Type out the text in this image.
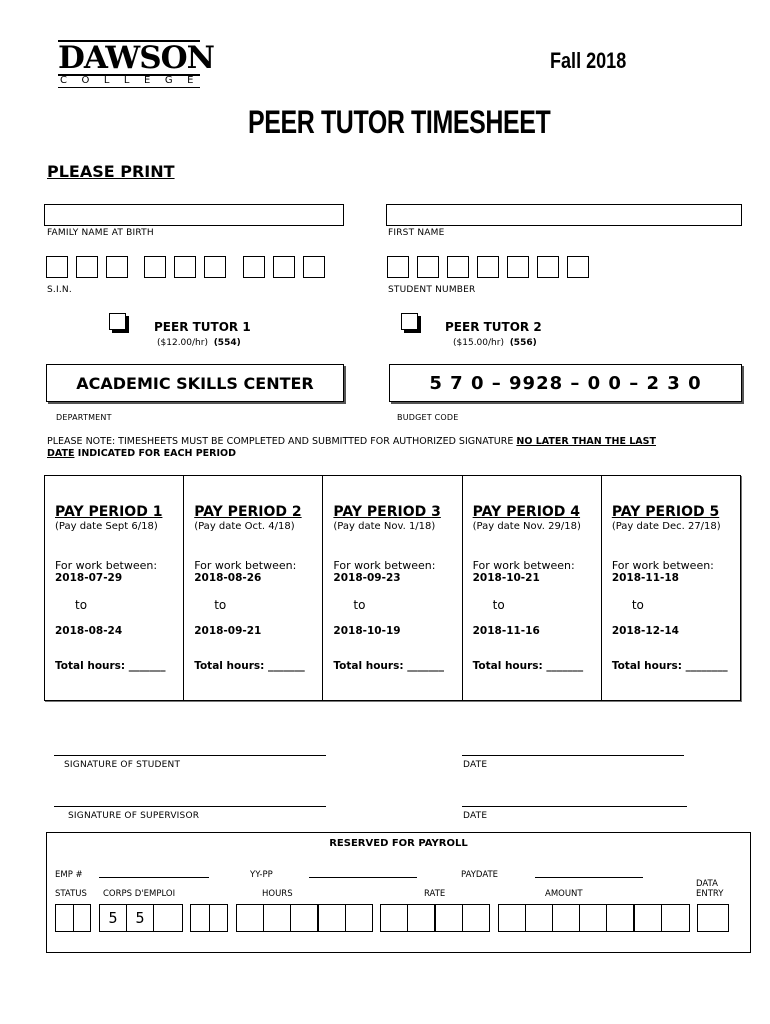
DAWSON
COLLEGE
Fall 2018
PEER TUTOR TIMESHEET
PLEASE PRINT
FAMILY NAME AT BIRTH	FIRST NAME
S.I.N.	STUDENT NUMBER
PEER TUTOR 1
($12.00/hr) (554)
PEER TUTOR 2
($15.00/hr) (556)
ACADEMIC SKILLS CENTER
DEPARTMENT
5 7 0 – 9928 – 0 0 – 2 3 0
BUDGET CODE
PLEASE NOTE: TIMESHEETS MUST BE COMPLETED AND SUBMITTED FOR AUTHORIZED SIGNATURE NO LATER THAN THE LAST
DATE INDICATED FOR EACH PERIOD
PAY PERIOD 1
(Pay date Sept 6/18)
For work between:
2018-07-29
to
2018-08-24
Total hours: _______
PAY PERIOD 2
(Pay date Oct. 4/18)
For work between:
2018-08-26
to
2018-09-21
Total hours: _______
PAY PERIOD 3
(Pay date Nov. 1/18)
For work between:
2018-09-23
to
2018-10-19
Total hours: _______
PAY PERIOD 4
(Pay date Nov. 29/18)
For work between:
2018-10-21
to
2018-11-16
Total hours: _______
PAY PERIOD 5
(Pay date Dec. 27/18)
For work between:
2018-11-18
to
2018-12-14
Total hours: ________
SIGNATURE OF STUDENT	DATE
SIGNATURE OF SUPERVISOR	DATE
RESERVED FOR PAYROLL
EMP #	YY-PP	PAYDATE
STATUS CORPS D'EMPLOI	HOURS	RATE	AMOUNT
DATA ENTRY
5	5
